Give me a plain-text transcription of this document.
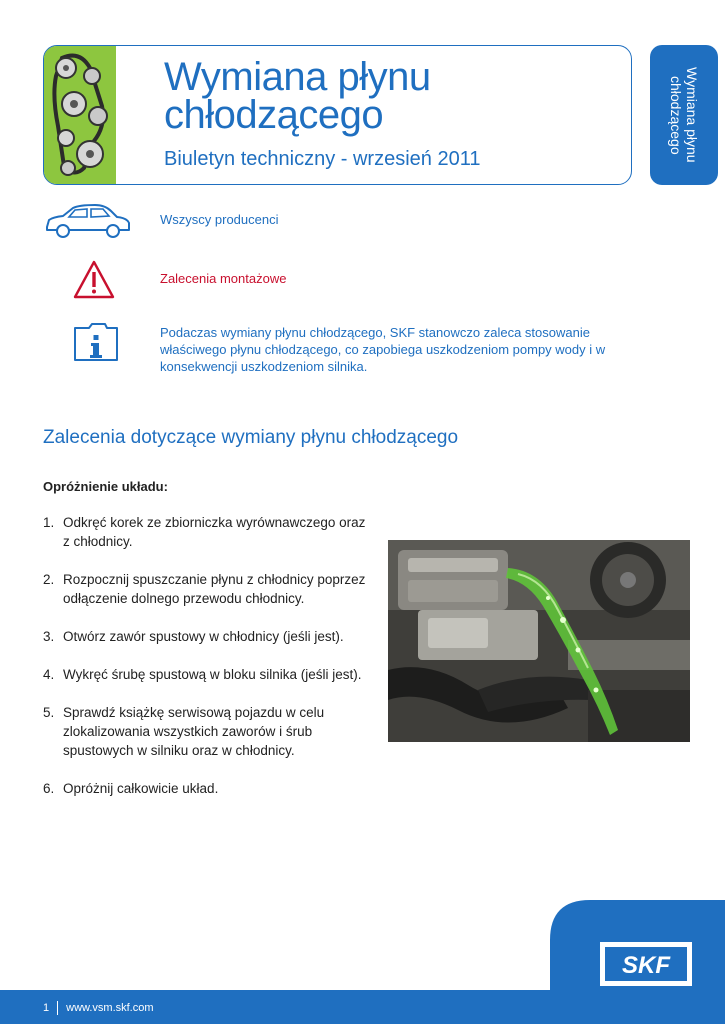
Wymiana płynu chłodzącego
Biuletyn techniczny - wrzesień 2011	Wymiana płynu chłodzącego
Wszyscy producenci
Zalecenia montażowe
Podaczas wymiany płynu chłodzącego, SKF stanowczo zaleca stosowanie właściwego płynu chłodzącego, co zapobiega uszkodzeniom pompy wody i w konsekwencji uszkodzeniom silnika.
Zalecenia dotyczące wymiany płynu chłodzącego
Opróżnienie układu:
1. Odkręć korek ze zbiorniczka wyrównawczego oraz z chłodnicy.
2. Rozpocznij spuszczanie płynu z chłodnicy poprzez odłączenie dolnego przewodu chłodnicy.
3. Otwórz zawór spustowy w chłodnicy (jeśli jest).
4. Wykręć śrubę spustową w bloku silnika (jeśli jest).
5. Sprawdź książkę serwisową pojazdu w celu zlokalizowania wszystkich zaworów i śrub spustowych w silniku oraz w chłodnicy.
6. Opróżnij całkowicie układ.
SKF
1 www.vsm.skf.com
